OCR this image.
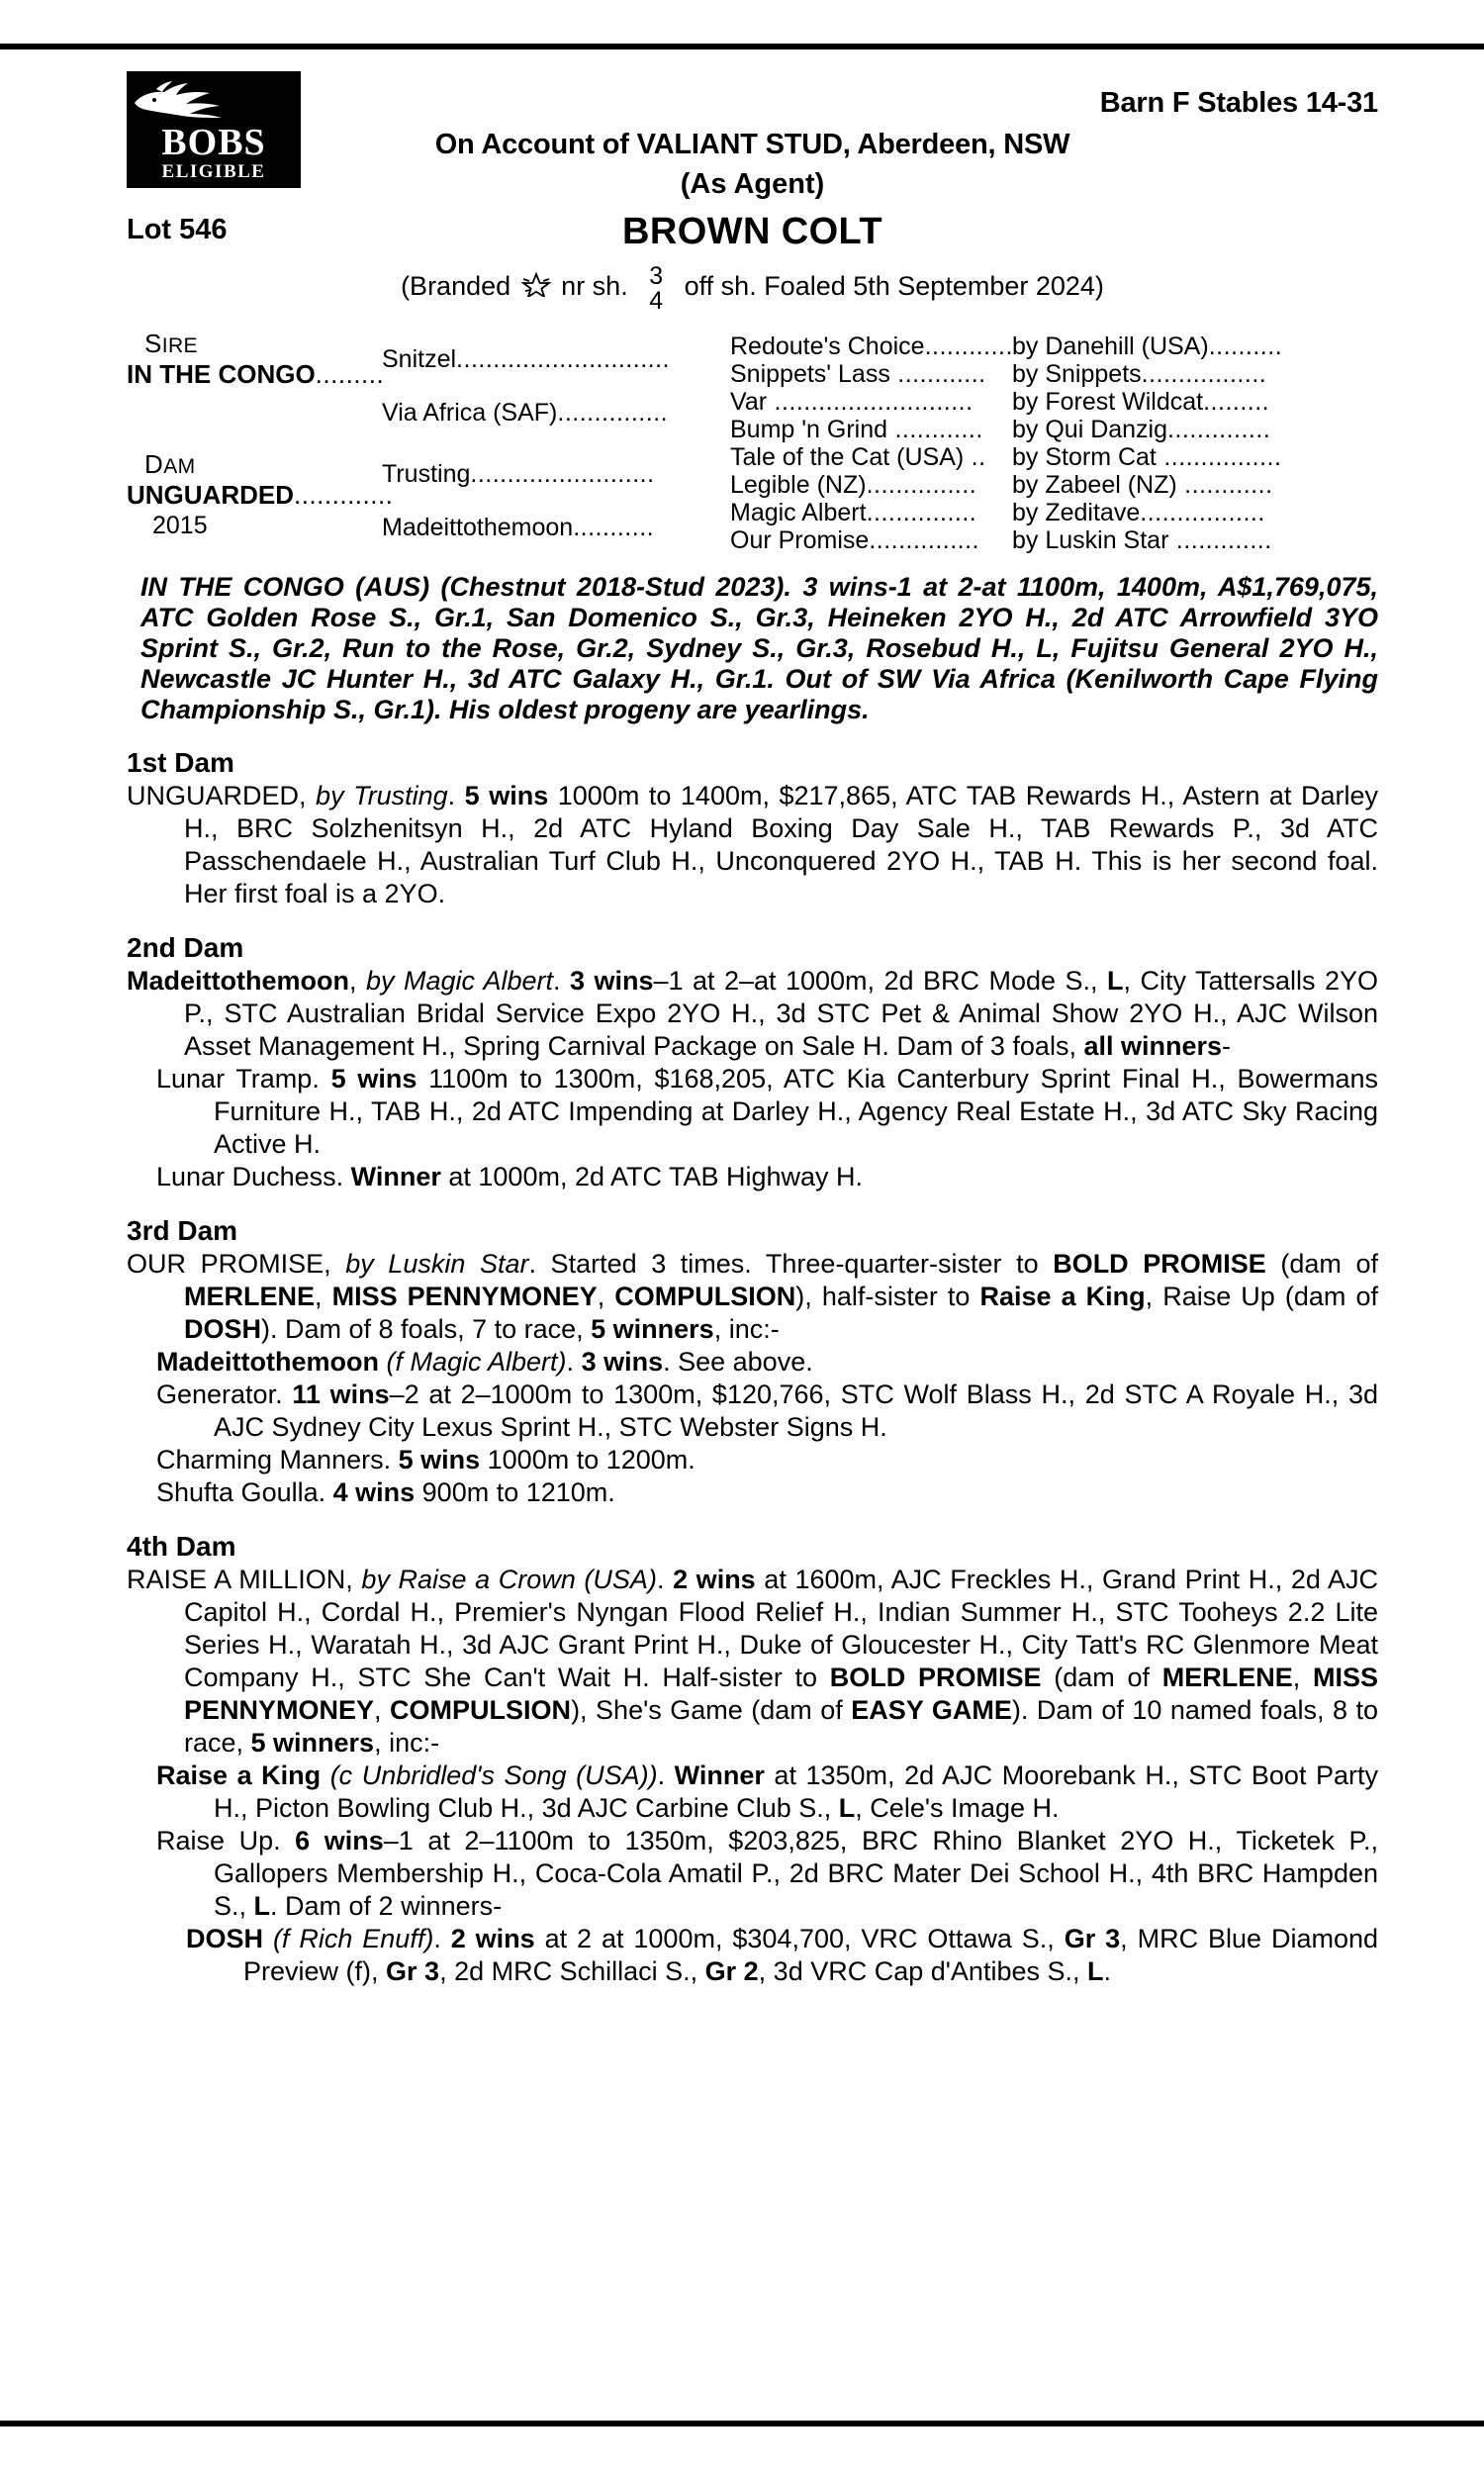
BOBS
ELIGIBLE
Barn F Stables 14-31
On Account of VALIANT STUD, Aberdeen, NSW
(As Agent)
Lot 546	BROWN COLT
(Branded nr sh. 3
4 off sh. Foaled 5th September 2024)
SIRE
IN THE CONGO.........
DAM
UNGUARDED.............
2015
Snitzel.............................
Via Africa (SAF)...............
Trusting.........................
Madeittothemoon...........
Redoute's Choice............
Snippets' Lass ............
Var ...........................
Bump 'n Grind ............
Tale of the Cat (USA) ..
Legible (NZ)...............
Magic Albert...............
Our Promise...............
by Danehill (USA)..........
by Snippets.................
by Forest Wildcat.........
by Qui Danzig..............
by Storm Cat ................
by Zabeel (NZ) ............
by Zeditave.................
by Luskin Star .............
IN THE CONGO (AUS) (Chestnut 2018-Stud 2023). 3 wins-1 at 2-at 1100m, 1400m, A$1,769,075, ATC Golden Rose S., Gr.1, San Domenico S., Gr.3, Heineken 2YO H., 2d ATC Arrowfield 3YO Sprint S., Gr.2, Run to the Rose, Gr.2, Sydney S., Gr.3, Rosebud H., L, Fujitsu General 2YO H., Newcastle JC Hunter H., 3d ATC Galaxy H., Gr.1. Out of SW Via Africa (Kenilworth Cape Flying Championship S., Gr.1). His oldest progeny are yearlings.
1st Dam
UNGUARDED, by Trusting. 5 wins 1000m to 1400m, $217,865, ATC TAB Rewards H., Astern at Darley H., BRC Solzhenitsyn H., 2d ATC Hyland Boxing Day Sale H., TAB Rewards P., 3d ATC Passchendaele H., Australian Turf Club H., Unconquered 2YO H., TAB H. This is her second foal. Her first foal is a 2YO.
2nd Dam
Madeittothemoon, by Magic Albert. 3 wins–1 at 2–at 1000m, 2d BRC Mode S., L, City Tattersalls 2YO P., STC Australian Bridal Service Expo 2YO H., 3d STC Pet & Animal Show 2YO H., AJC Wilson Asset Management H., Spring Carnival Package on Sale H. Dam of 3 foals, all winners-
Lunar Tramp. 5 wins 1100m to 1300m, $168,205, ATC Kia Canterbury Sprint Final H., Bowermans Furniture H., TAB H., 2d ATC Impending at Darley H., Agency Real Estate H., 3d ATC Sky Racing Active H.
Lunar Duchess. Winner at 1000m, 2d ATC TAB Highway H.
3rd Dam
OUR PROMISE, by Luskin Star. Started 3 times. Three-quarter-sister to BOLD PROMISE (dam of MERLENE, MISS PENNYMONEY, COMPULSION), half-sister to Raise a King, Raise Up (dam of DOSH). Dam of 8 foals, 7 to race, 5 winners, inc:-
Madeittothemoon (f Magic Albert). 3 wins. See above.
Generator. 11 wins–2 at 2–1000m to 1300m, $120,766, STC Wolf Blass H., 2d STC A Royale H., 3d AJC Sydney City Lexus Sprint H., STC Webster Signs H.
Charming Manners. 5 wins 1000m to 1200m.
Shufta Goulla. 4 wins 900m to 1210m.
4th Dam
RAISE A MILLION, by Raise a Crown (USA). 2 wins at 1600m, AJC Freckles H., Grand Print H., 2d AJC Capitol H., Cordal H., Premier's Nyngan Flood Relief H., Indian Summer H., STC Tooheys 2.2 Lite Series H., Waratah H., 3d AJC Grant Print H., Duke of Gloucester H., City Tatt's RC Glenmore Meat Company H., STC She Can't Wait H. Half-sister to BOLD PROMISE (dam of MERLENE, MISS PENNYMONEY, COMPULSION), She's Game (dam of EASY GAME). Dam of 10 named foals, 8 to race, 5 winners, inc:-
Raise a King (c Unbridled's Song (USA)). Winner at 1350m, 2d AJC Moorebank H., STC Boot Party H., Picton Bowling Club H., 3d AJC Carbine Club S., L, Cele's Image H.
Raise Up. 6 wins–1 at 2–1100m to 1350m, $203,825, BRC Rhino Blanket 2YO H., Ticketek P., Gallopers Membership H., Coca-Cola Amatil P., 2d BRC Mater Dei School H., 4th BRC Hampden S., L. Dam of 2 winners-
DOSH (f Rich Enuff). 2 wins at 2 at 1000m, $304,700, VRC Ottawa S., Gr 3, MRC Blue Diamond Preview (f), Gr 3, 2d MRC Schillaci S., Gr 2, 3d VRC Cap d'Antibes S., L.
